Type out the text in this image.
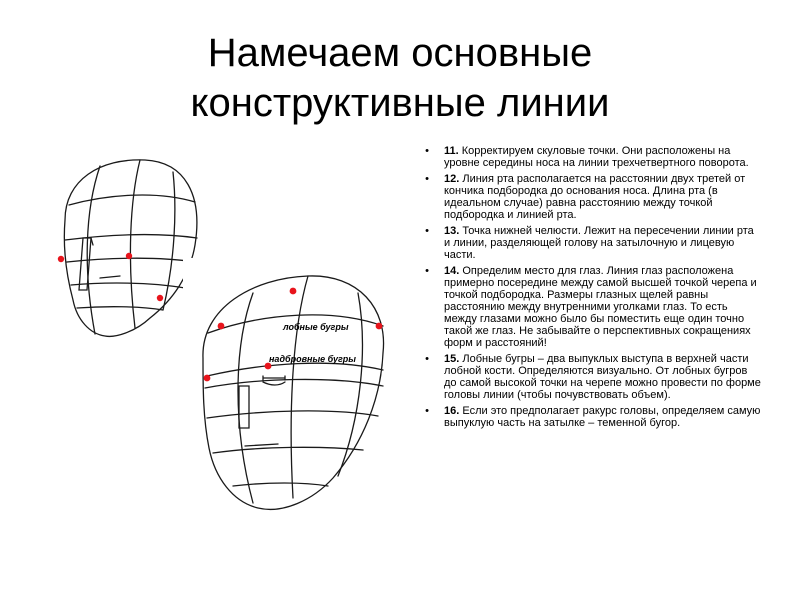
Намечаем основные
конструктивные линии
лобные бугры
надбровные бугры
• 11. Корректируем скуловые точки. Они расположены на уровне середины носа на линии трехчетвертного поворота.
• 12. Линия рта располагается на расстоянии двух третей от кончика подбородка до основания носа. Длина рта (в идеальном случае) равна расстоянию между точкой подбородка и линией рта.
• 13. Точка нижней челюсти. Лежит на пересечении линии рта и линии, разделяющей голову на затылочную и лицевую части.
• 14. Определим место для глаз. Линия глаз расположена примерно посередине между самой высшей точкой черепа и точкой подбородка. Размеры глазных щелей равны расстоянию между внутренними уголками глаз. То есть между глазами можно было бы поместить еще один точно такой же глаз. Не забывайте о перспективных сокращениях форм и расстояний!
• 15. Лобные бугры – два выпуклых выступа в верхней части лобной кости. Определяются визуально. От лобных бугров до самой высокой точки на черепе можно провести по форме головы линии (чтобы почувствовать объем).
• 16. Если это предполагает ракурс головы, определяем самую выпуклую часть на затылке – теменной бугор.
